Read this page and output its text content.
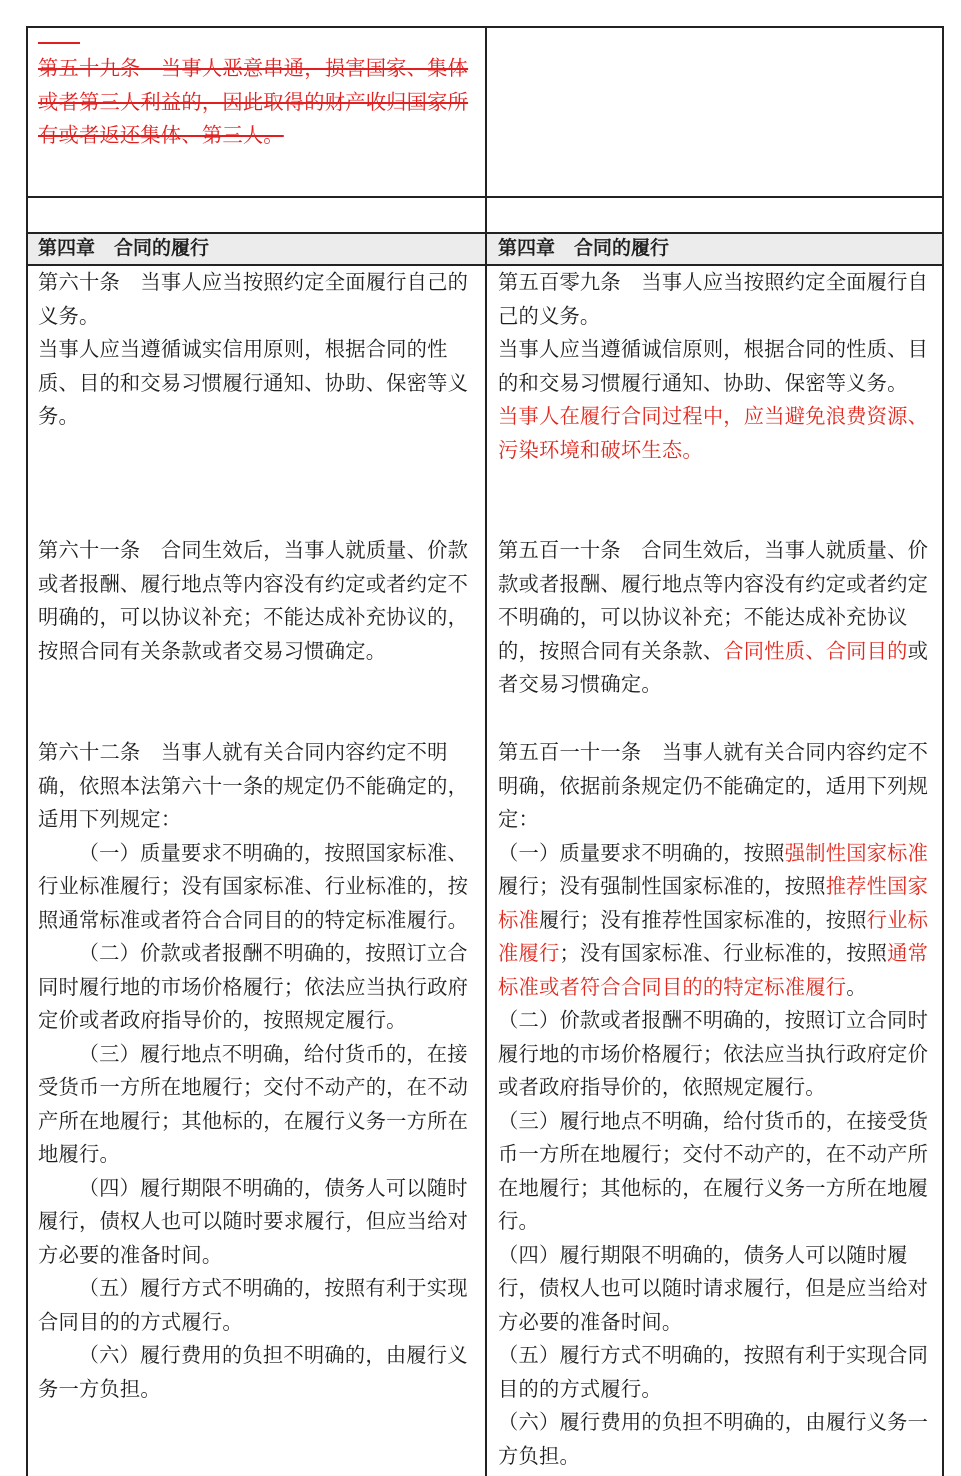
第五十九条　当事人恶意串通，损害国家、集体或者第三人利益的，因此取得的财产收归国家所有或者返还集体、第三人。

第四章　合同的履行	第四章　合同的履行

第六十条　当事人应当按照约定全面履行自己的义务。

当事人应当遵循诚实信用原则，根据合同的性质、目的和交易习惯履行通知、协助、保密等义务。

第六十一条　合同生效后，当事人就质量、价款或者报酬、履行地点等内容没有约定或者约定不明确的，可以协议补充；不能达成补充协议的，按照合同有关条款或者交易习惯确定。

第六十二条　当事人就有关合同内容约定不明确，依照本法第六十一条的规定仍不能确定的，适用下列规定：

（一）质量要求不明确的，按照国家标准、行业标准履行；没有国家标准、行业标准的，按照通常标准或者符合合同目的的特定标准履行。

（二）价款或者报酬不明确的，按照订立合同时履行地的市场价格履行；依法应当执行政府定价或者政府指导价的，按照规定履行。

（三）履行地点不明确，给付货币的，在接受货币一方所在地履行；交付不动产的，在不动产所在地履行；其他标的，在履行义务一方所在地履行。

（四）履行期限不明确的，债务人可以随时履行，债权人也可以随时要求履行，但应当给对方必要的准备时间。

（五）履行方式不明确的，按照有利于实现合同目的的方式履行。

（六）履行费用的负担不明确的，由履行义务一方负担。

第五百零九条　当事人应当按照约定全面履行自己的义务。

当事人应当遵循诚信原则，根据合同的性质、目的和交易习惯履行通知、协助、保密等义务。

当事人在履行合同过程中，应当避免浪费资源、污染环境和破坏生态。

第五百一十条　合同生效后，当事人就质量、价款或者报酬、履行地点等内容没有约定或者约定不明确的，可以协议补充；不能达成补充协议的，按照合同有关条款、合同性质、合同目的或者交易习惯确定。

第五百一十一条　当事人就有关合同内容约定不明确，依据前条规定仍不能确定的，适用下列规定：

（一）质量要求不明确的，按照强制性国家标准履行；没有强制性国家标准的，按照推荐性国家标准履行；没有推荐性国家标准的，按照行业标准履行；没有国家标准、行业标准的，按照通常标准或者符合合同目的的特定标准履行。

（二）价款或者报酬不明确的，按照订立合同时履行地的市场价格履行；依法应当执行政府定价或者政府指导价的，依照规定履行。

（三）履行地点不明确，给付货币的，在接受货币一方所在地履行；交付不动产的，在不动产所在地履行；其他标的，在履行义务一方所在地履行。

（四）履行期限不明确的，债务人可以随时履行，债权人也可以随时请求履行，但是应当给对方必要的准备时间。

（五）履行方式不明确的，按照有利于实现合同目的的方式履行。

（六）履行费用的负担不明确的，由履行义务一方负担。
